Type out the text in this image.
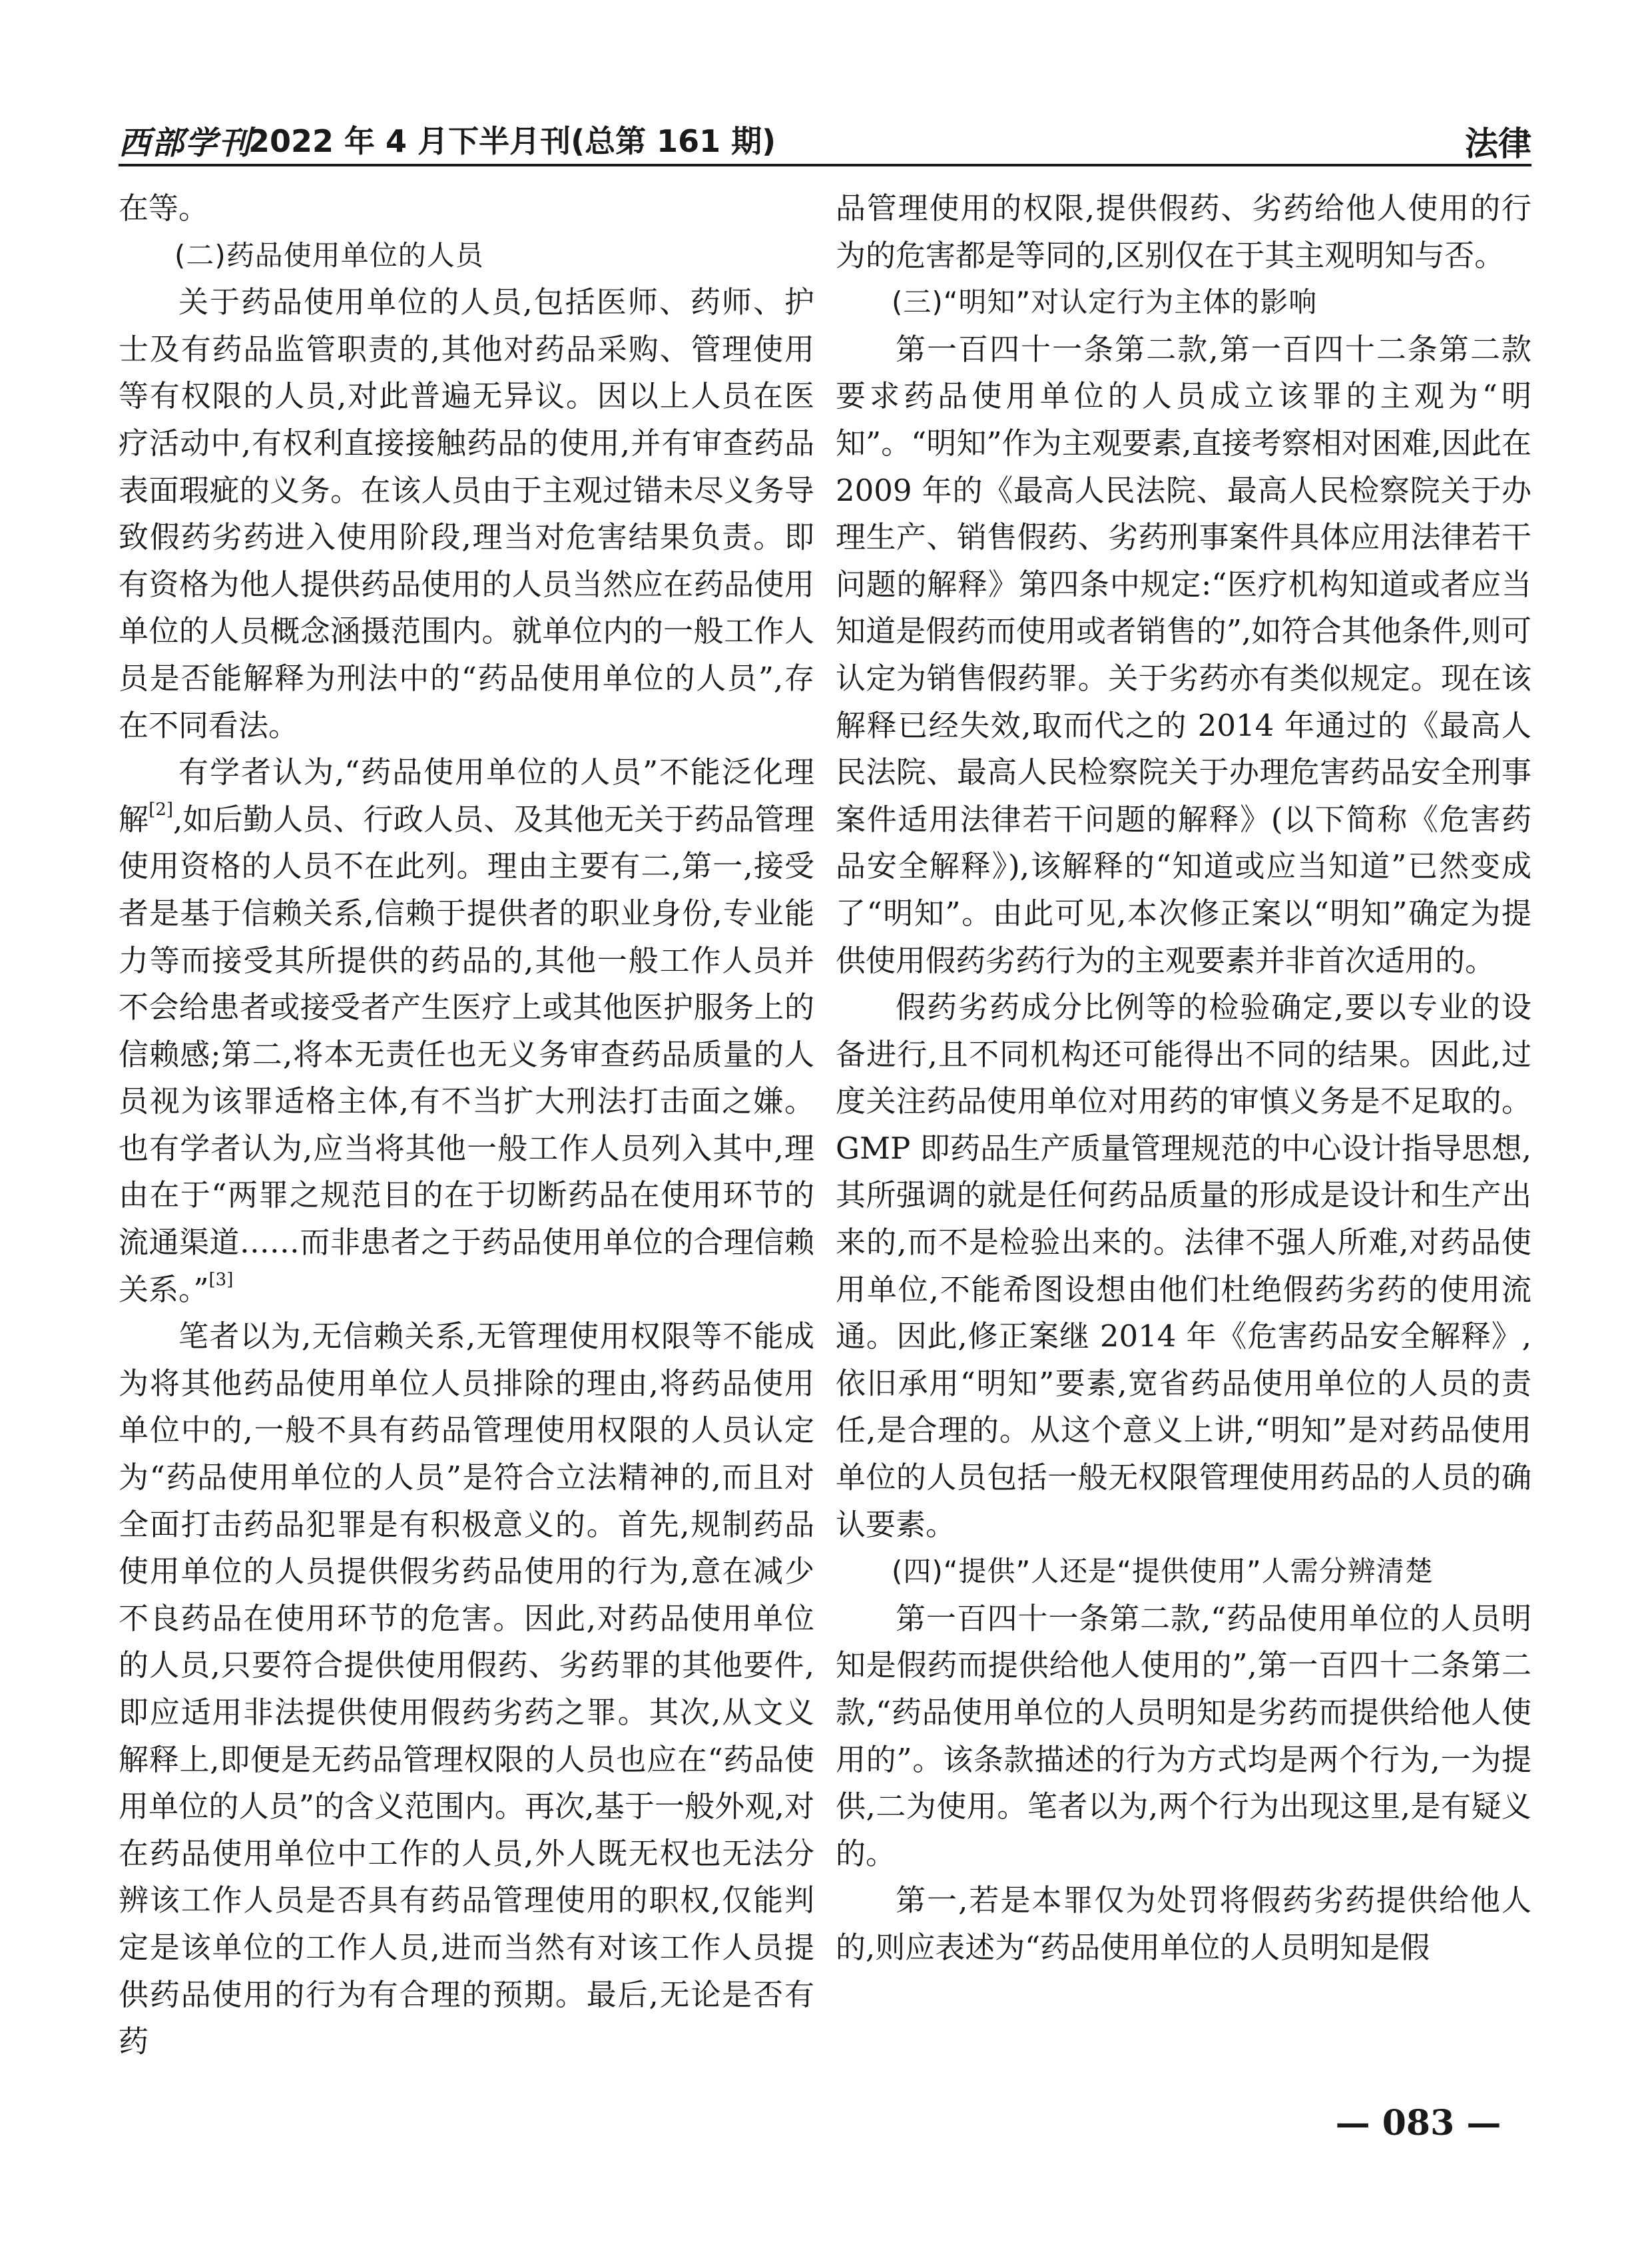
西部学刊
2022 年 4 月下半月刊(总第 161 期)	法律

在等。

(二)药品使用单位的人员

关于药品使用单位的人员,包括医师、药师、护士及有药品监管职责的,其他对药品采购、管理使用等有权限的人员,对此普遍无异议。因以上人员在医疗活动中,有权利直接接触药品的使用,并有审查药品表面瑕疵的义务。在该人员由于主观过错未尽义务导致假药劣药进入使用阶段,理当对危害结果负责。即有资格为他人提供药品使用的人员当然应在药品使用单位的人员概念涵摄范围内。就单位内的一般工作人员是否能解释为刑法中的“药品使用单位的人员”,存在不同看法。

有学者认为,“药品使用单位的人员”不能泛化理解[2],如后勤人员、行政人员、及其他无关于药品管理使用资格的人员不在此列。理由主要有二,第一,接受者是基于信赖关系,信赖于提供者的职业身份,专业能力等而接受其所提供的药品的,其他一般工作人员并不会给患者或接受者产生医疗上或其他医护服务上的信赖感;第二,将本无责任也无义务审查药品质量的人员视为该罪适格主体,有不当扩大刑法打击面之嫌。也有学者认为,应当将其他一般工作人员列入其中,理由在于“两罪之规范目的在于切断药品在使用环节的流通渠道……而非患者之于药品使用单位的合理信赖关系。”[3]

笔者以为,无信赖关系,无管理使用权限等不能成为将其他药品使用单位人员排除的理由,将药品使用单位中的,一般不具有药品管理使用权限的人员认定为“药品使用单位的人员”是符合立法精神的,而且对全面打击药品犯罪是有积极意义的。首先,规制药品使用单位的人员提供假劣药品使用的行为,意在减少不良药品在使用环节的危害。因此,对药品使用单位的人员,只要符合提供使用假药、劣药罪的其他要件,即应适用非法提供使用假药劣药之罪。其次,从文义解释上,即便是无药品管理权限的人员也应在“药品使用单位的人员”的含义范围内。再次,基于一般外观,对在药品使用单位中工作的人员,外人既无权也无法分辨该工作人员是否具有药品管理使用的职权,仅能判定是该单位的工作人员,进而当然有对该工作人员提供药品使用的行为有合理的预期。最后,无论是否有药

品管理使用的权限,提供假药、劣药给他人使用的行为的危害都是等同的,区别仅在于其主观明知与否。

(三)“明知”对认定行为主体的影响

第一百四十一条第二款,第一百四十二条第二款要求药品使用单位的人员成立该罪的主观为“明知”。“明知”作为主观要素,直接考察相对困难,因此在 2009 年的《最高人民法院、最高人民检察院关于办理生产、销售假药、劣药刑事案件具体应用法律若干问题的解释》第四条中规定:“医疗机构知道或者应当知道是假药而使用或者销售的”,如符合其他条件,则可认定为销售假药罪。关于劣药亦有类似规定。现在该解释已经失效,取而代之的 2014 年通过的《最高人民法院、最高人民检察院关于办理危害药品安全刑事案件适用法律若干问题的解释》(以下简称《危害药品安全解释》),该解释的“知道或应当知道”已然变成了“明知”。由此可见,本次修正案以“明知”确定为提供使用假药劣药行为的主观要素并非首次适用的。

假药劣药成分比例等的检验确定,要以专业的设备进行,且不同机构还可能得出不同的结果。因此,过度关注药品使用单位对用药的审慎义务是不足取的。GMP 即药品生产质量管理规范的中心设计指导思想,其所强调的就是任何药品质量的形成是设计和生产出来的,而不是检验出来的。法律不强人所难,对药品使用单位,不能希图设想由他们杜绝假药劣药的使用流通。因此,修正案继 2014 年《危害药品安全解释》,依旧承用“明知”要素,宽省药品使用单位的人员的责任,是合理的。从这个意义上讲,“明知”是对药品使用单位的人员包括一般无权限管理使用药品的人员的确认要素。

(四)“提供”人还是“提供使用”人需分辨清楚

第一百四十一条第二款,“药品使用单位的人员明知是假药而提供给他人使用的”,第一百四十二条第二款,“药品使用单位的人员明知是劣药而提供给他人使用的”。该条款描述的行为方式均是两个行为,一为提供,二为使用。笔者以为,两个行为出现这里,是有疑义的。

第一,若是本罪仅为处罚将假药劣药提供给他人的,则应表述为“药品使用单位的人员明知是假

— 083 —
